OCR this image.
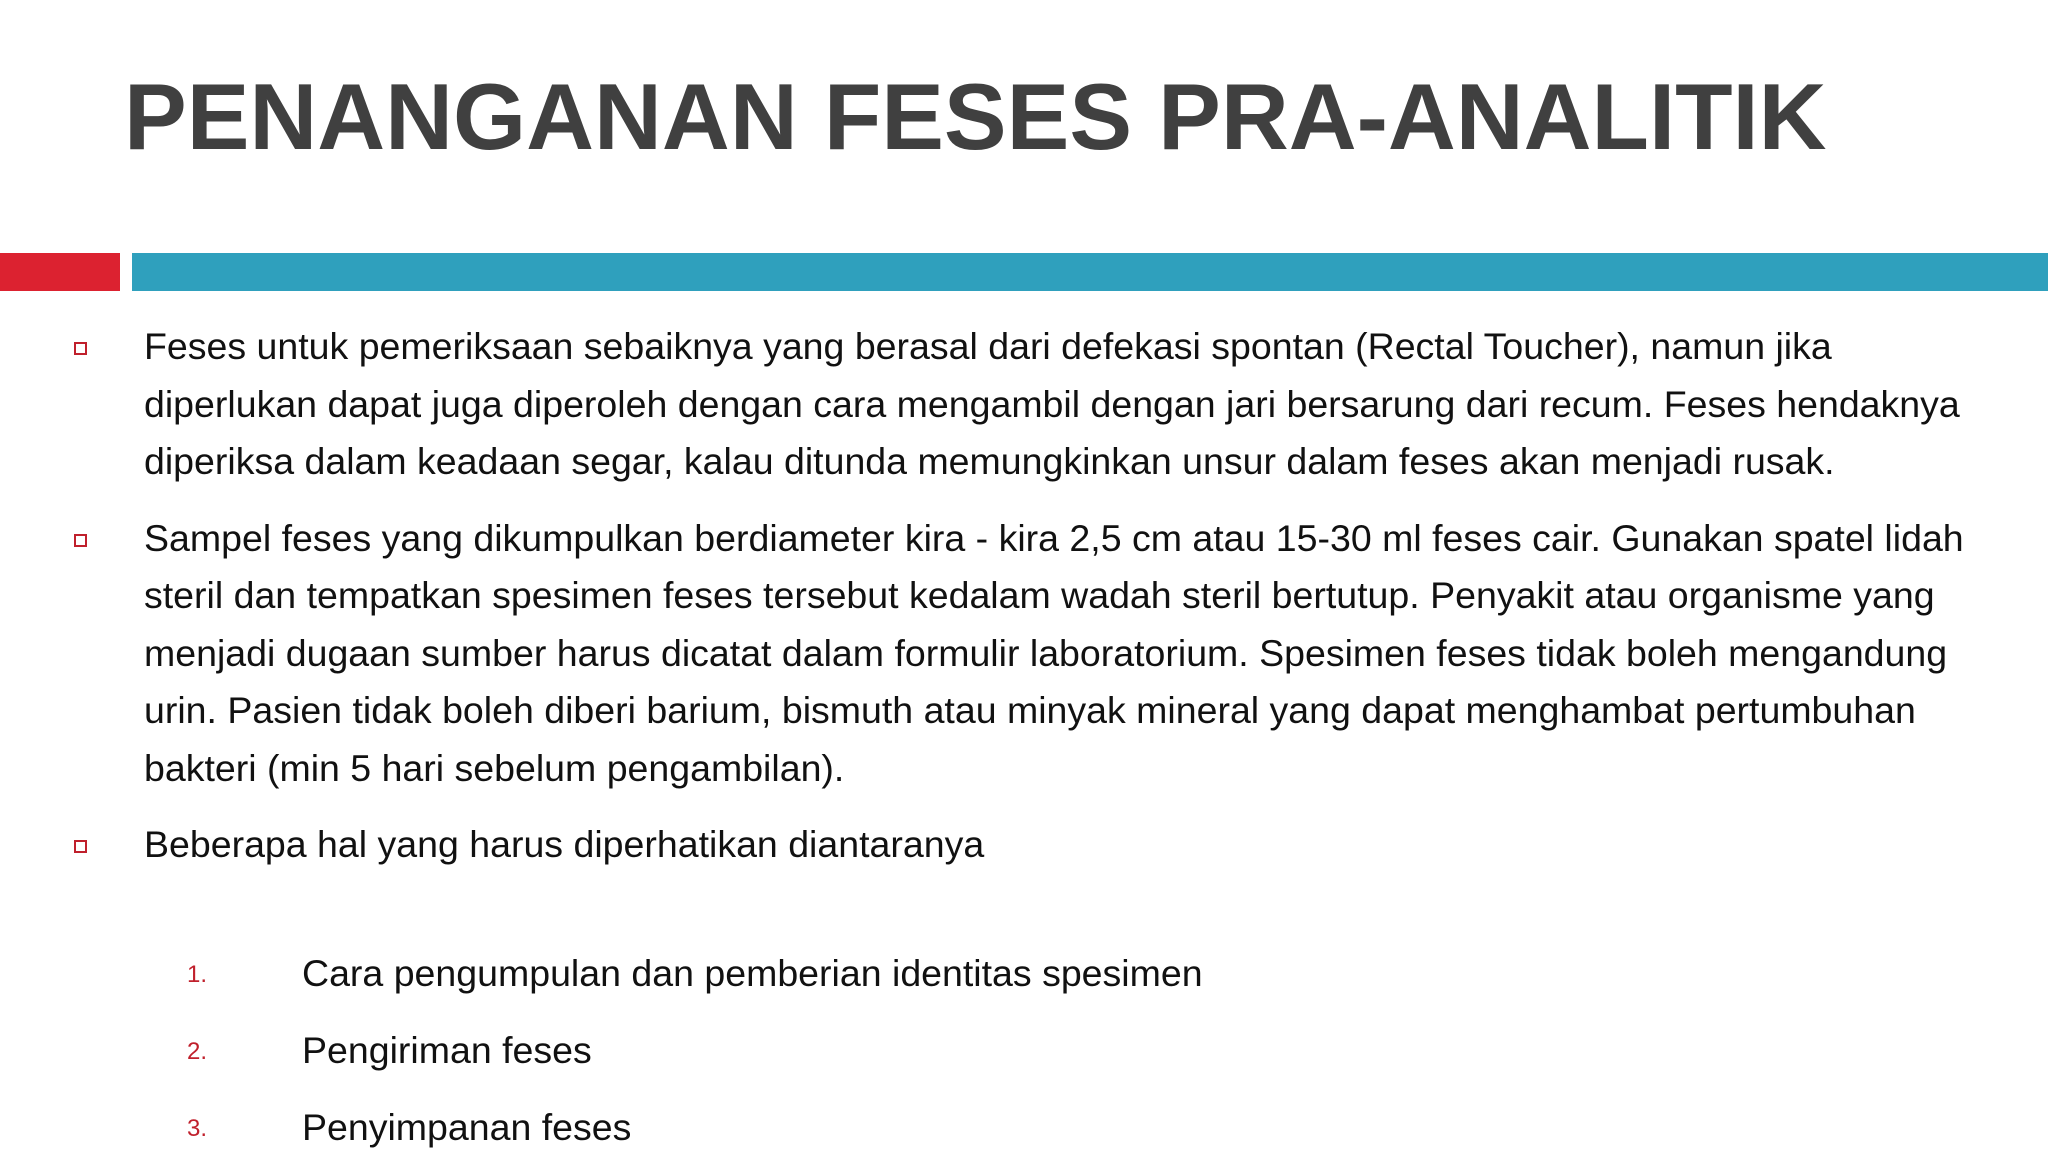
PENANGANAN FESES PRA-ANALITIK
Feses untuk pemeriksaan sebaiknya yang berasal dari defekasi spontan (Rectal Toucher), namun jika diperlukan dapat juga diperoleh dengan cara mengambil dengan jari bersarung dari recum. Feses hendaknya diperiksa dalam keadaan segar, kalau ditunda memungkinkan unsur dalam feses akan menjadi rusak.
Sampel feses yang dikumpulkan berdiameter kira - kira 2,5 cm atau 15-30 ml feses cair. Gunakan spatel lidah steril dan tempatkan spesimen feses tersebut kedalam wadah steril bertutup. Penyakit atau organisme yang menjadi dugaan sumber harus dicatat dalam formulir laboratorium. Spesimen feses tidak boleh mengandung urin. Pasien tidak boleh diberi barium, bismuth atau minyak mineral yang dapat menghambat pertumbuhan bakteri (min 5 hari sebelum pengambilan).
Beberapa hal yang harus diperhatikan diantaranya
1.	Cara pengumpulan dan pemberian identitas spesimen
2.	Pengiriman feses
3.	Penyimpanan feses
